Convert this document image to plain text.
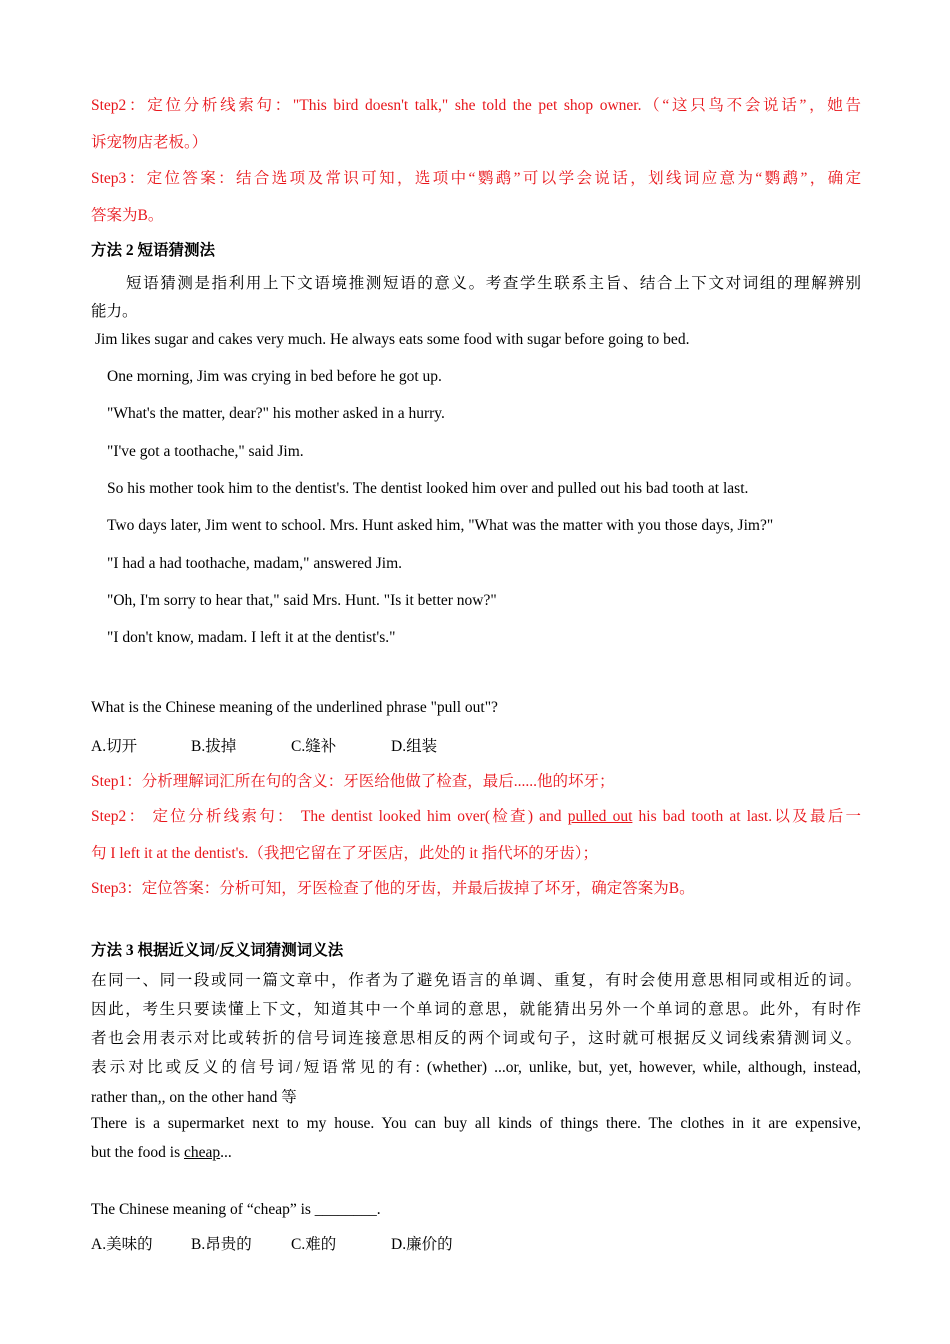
Step2：定位分析线索句："This bird doesn't talk," she told the pet shop owner.（“这只鸟不会说话”，她告
诉宠物店老板。）
Step3：定位答案：结合选项及常识可知，选项中“鹦鹉”可以学会说话，划线词应意为“鹦鹉”，确定
答案为B。
方法 2 短语猜测法
短语猜测是指利用上下文语境推测短语的意义。考查学生联系主旨、结合上下文对词组的理解辨别
能力。
Jim likes sugar and cakes very much. He always eats some food with sugar before going to bed.
One morning, Jim was crying in bed before he got up.
"What's the matter, dear?" his mother asked in a hurry.
"I've got a toothache," said Jim.
So his mother took him to the dentist's. The dentist looked him over and pulled out his bad tooth at last.
Two days later, Jim went to school. Mrs. Hunt asked him, "What was the matter with you those days, Jim?"
"I had a had toothache, madam," answered Jim.
"Oh, I'm sorry to hear that," said Mrs. Hunt. "Is it better now?"
"I don't know, madam. I left it at the dentist's."
What is the Chinese meaning of the underlined phrase "pull out"?
A.切开	B.拔掉	C.缝补	D.组装
Step1：分析理解词汇所在句的含义：牙医给他做了检查，最后......他的坏牙；
Step2： 定位分析线索句： The dentist looked him over(检查) and pulled out his bad tooth at last.以及最后一
句 I left it at the dentist's.（我把它留在了牙医店，此处的 it 指代坏的牙齿）；
Step3：定位答案：分析可知，牙医检查了他的牙齿，并最后拔掉了坏牙，确定答案为B。
方法 3 根据近义词/反义词猜测词义法
在同一、同一段或同一篇文章中，作者为了避免语言的单调、重复，有时会使用意思相同或相近的词。
因此，考生只要读懂上下文，知道其中一个单词的意思，就能猜出另外一个单词的意思。此外，有时作
者也会用表示对比或转折的信号词连接意思相反的两个词或句子，这时就可根据反义词线索猜测词义。
表示对比或反义的信号词/短语常见的有: (whether) ...or, unlike, but, yet, however, while, although, instead,
rather than,, on the other hand 等
There is a supermarket next to my house. You can buy all kinds of things there. The clothes in it are expensive,
but the food is cheap...
The Chinese meaning of “cheap” is ________.
A.美味的 B.昂贵的	C.难的	D.廉价的
